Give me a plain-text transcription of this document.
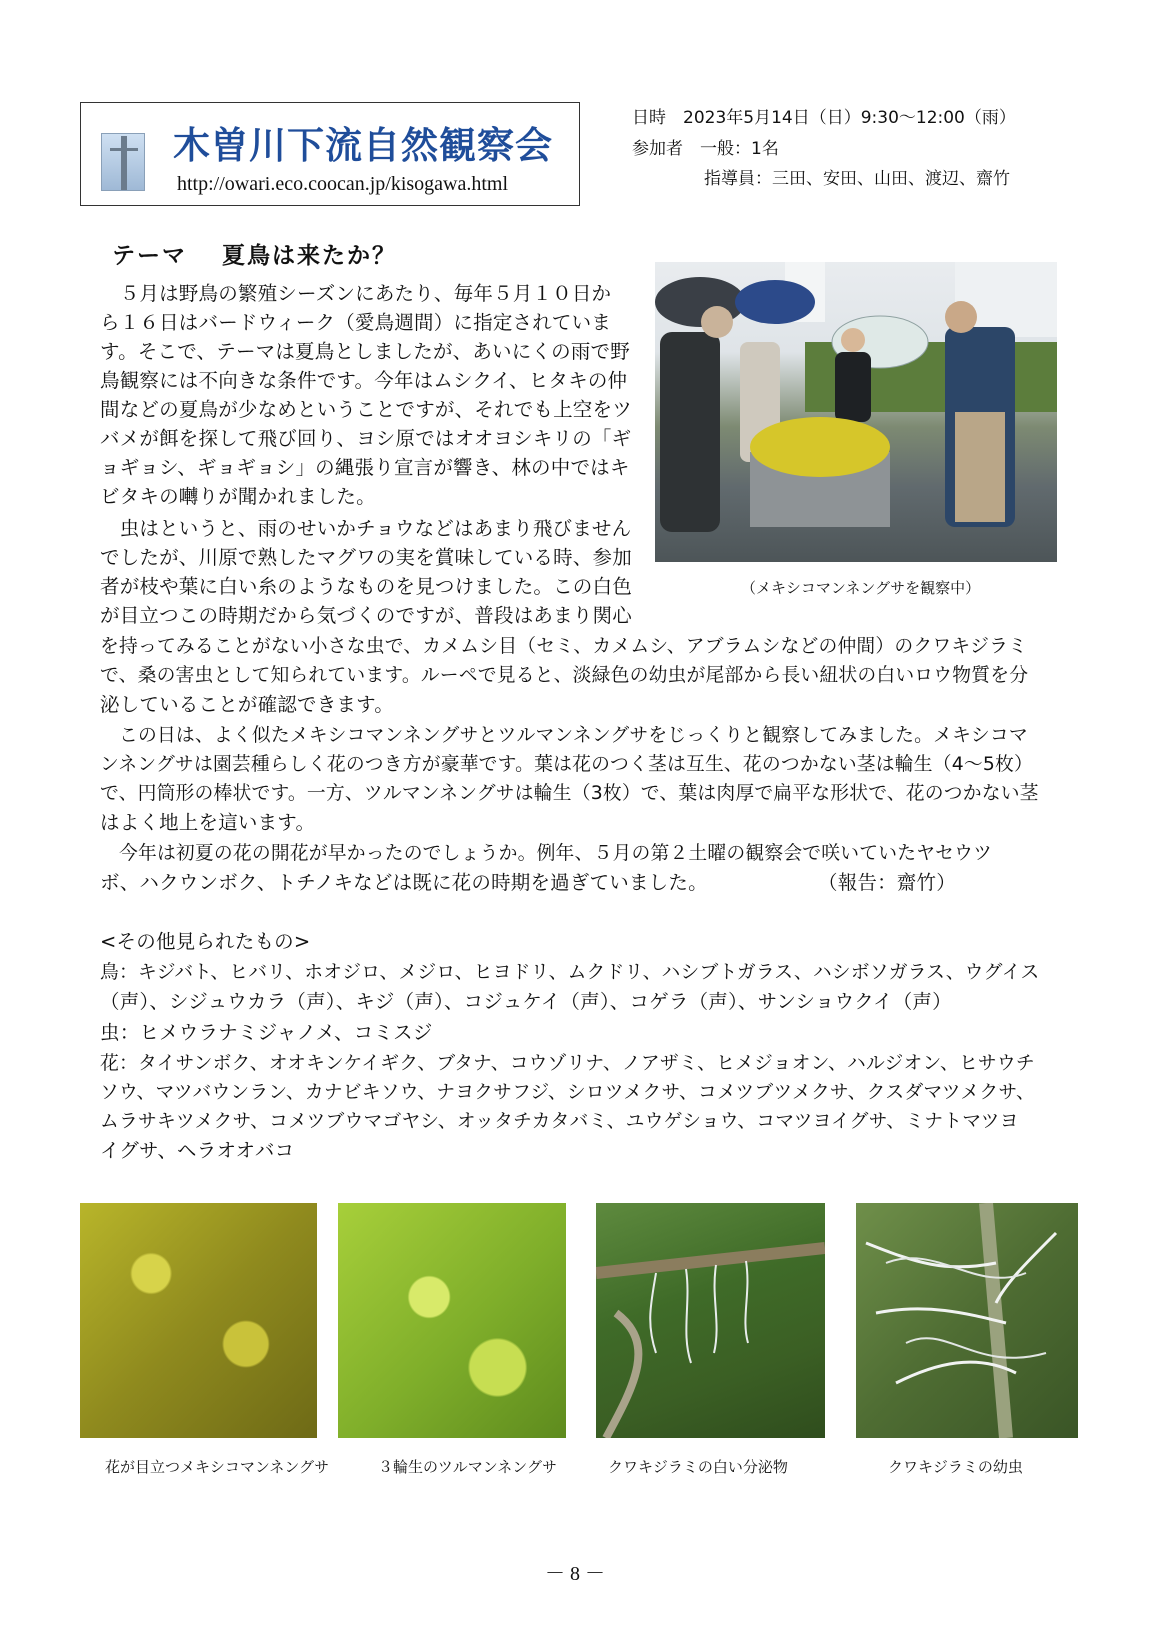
木曽川下流自然観察会
http://owari.eco.coocan.jp/kisogawa.html
日時　2023年5月14日（日）9:30～12:00（雨）
参加者　一般：1名
指導員：三田、安田、山田、渡辺、齋竹
テーマ　 夏鳥は来たか？
（メキシコマンネングサを観察中）
　５月は野鳥の繁殖シーズンにあたり、毎年５月１０日か
ら１６日はバードウィーク（愛鳥週間）に指定されていま
す。そこで、テーマは夏鳥としましたが、あいにくの雨で野
鳥観察には不向きな条件です。今年はムシクイ、ヒタキの仲
間などの夏鳥が少なめということですが、それでも上空をツ
バメが餌を探して飛び回り、ヨシ原ではオオヨシキリの「ギ
ョギョシ、ギョギョシ」の縄張り宣言が響き、林の中ではキ
ビタキの囀りが聞かれました。
　虫はというと、雨のせいかチョウなどはあまり飛びません
でしたが、川原で熟したマグワの実を賞味している時、参加
者が枝や葉に白い糸のようなものを見つけました。この白色
が目立つこの時期だから気づくのですが、普段はあまり関心
を持ってみることがない小さな虫で、カメムシ目（セミ、カメムシ、アブラムシなどの仲間）のクワキジラミ
で、桑の害虫として知られています。ルーペで見ると、淡緑色の幼虫が尾部から長い紐状の白いロウ物質を分
泌していることが確認できます。
　この日は、よく似たメキシコマンネングサとツルマンネングサをじっくりと観察してみました。メキシコマ
ンネングサは園芸種らしく花のつき方が豪華です。葉は花のつく茎は互生、花のつかない茎は輪生（4～5枚）
で、円筒形の棒状です。一方、ツルマンネングサは輪生（3枚）で、葉は肉厚で扁平な形状で、花のつかない茎
はよく地上を這います。
　今年は初夏の花の開花が早かったのでしょうか。例年、５月の第２土曜の観察会で咲いていたヤセウツ
ボ、ハクウンボク、トチノキなどは既に花の時期を過ぎていました。	（報告：齋竹）
<その他見られたもの>
鳥：キジバト、ヒバリ、ホオジロ、メジロ、ヒヨドリ、ムクドリ、ハシブトガラス、ハシボソガラス、ウグイス
（声）、シジュウカラ（声）、キジ（声）、コジュケイ（声）、コゲラ（声）、サンショウクイ（声）
虫：ヒメウラナミジャノメ、コミスジ
花：タイサンボク、オオキンケイギク、ブタナ、コウゾリナ、ノアザミ、ヒメジョオン、ハルジオン、ヒサウチ
ソウ、マツバウンラン、カナビキソウ、ナヨクサフジ、シロツメクサ、コメツブツメクサ、クスダマツメクサ、
ムラサキツメクサ、コメツブウマゴヤシ、オッタチカタバミ、ユウゲショウ、コマツヨイグサ、ミナトマツヨ
イグサ、ヘラオオバコ
花が目立つメキシコマンネングサ	３輪生のツルマンネングサ	クワキジラミの白い分泌物	クワキジラミの幼虫
－ 8 －
